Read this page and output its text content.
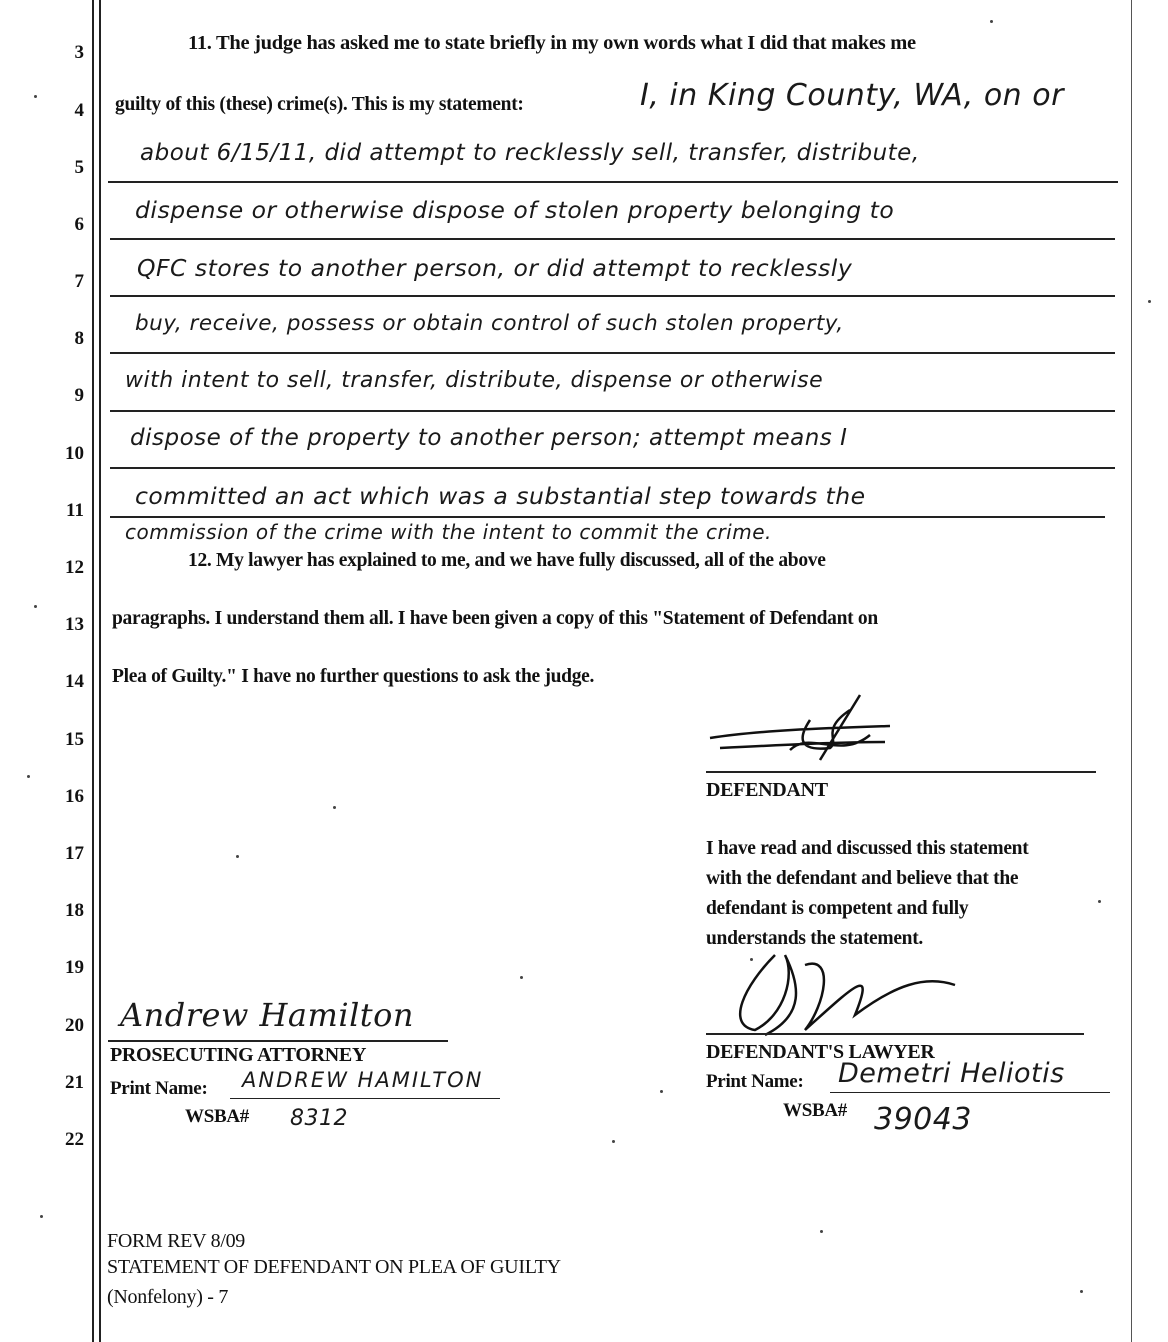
3
4
5
6
7
8
9
10
11
12
13
14
15
16
17
18
19
20
21
22
11. The judge has asked me to state briefly in my own words what I did that makes me
guilty of this (these) crime(s). This is my statement:	I, in King County, WA, on or
about 6/15/11, did attempt to recklessly sell, transfer, distribute,
dispense or otherwise dispose of stolen property belonging to
QFC stores to another person, or did attempt to recklessly
buy, receive, possess or obtain control of such stolen property,
with intent to sell, transfer, distribute, dispense or otherwise
dispose of the property to another person; attempt means I
committed an act which was a substantial step towards the
commission of the crime with the intent to commit the crime.
12. My lawyer has explained to me, and we have fully discussed, all of the above
paragraphs. I understand them all. I have been given a copy of this "Statement of Defendant on
Plea of Guilty." I have no further questions to ask the judge.
DEFENDANT
I have read and discussed this statement
with the defendant and believe that the
defendant is competent and fully
understands the statement.
Andrew Hamilton
PROSECUTING ATTORNEY
Print Name: ANDREW HAMILTON
WSBA# 8312
DEFENDANT'S LAWYER
Print Name: Demetri Heliotis
WSBA# 39043
FORM REV 8/09
STATEMENT OF DEFENDANT ON PLEA OF GUILTY
(Nonfelony) - 7
